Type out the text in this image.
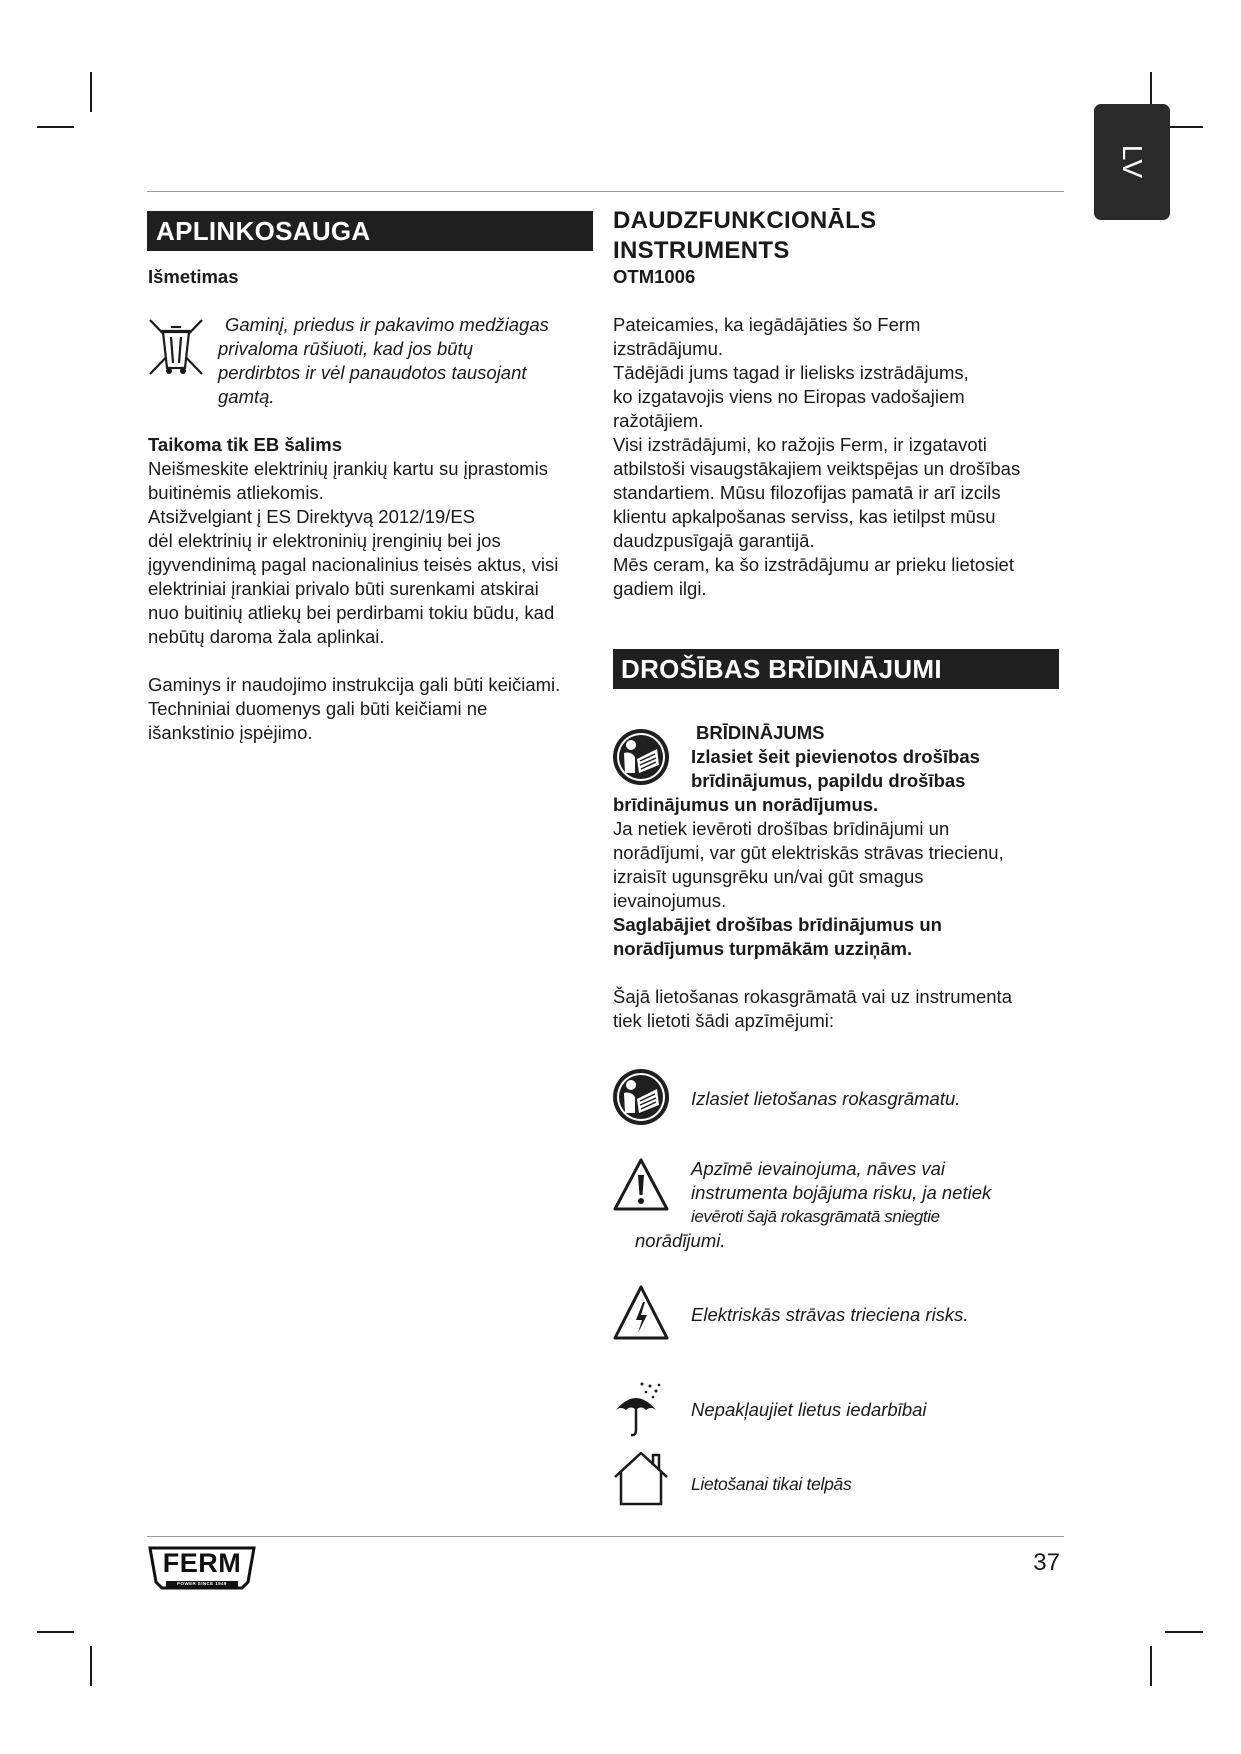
LV
APLINKOSAUGA
Išmetimas
Gaminį, priedus ir pakavimo medžiagas
privaloma rūšiuoti, kad jos būtų
perdirbtos ir vėl panaudotos tausojant
gamtą.
Taikoma tik EB šalims
Neišmeskite elektrinių įrankių kartu su įprastomis
buitinėmis atliekomis.
Atsižvelgiant į ES Direktyvą 2012/19/ES
dėl elektrinių ir elektroninių įrenginių bei jos
įgyvendinimą pagal nacionalinius teisės aktus, visi
elektriniai įrankiai privalo būti surenkami atskirai
nuo buitinių atliekų bei perdirbami tokiu būdu, kad
nebūtų daroma žala aplinkai.
Gaminys ir naudojimo instrukcija gali būti keičiami.
Techniniai duomenys gali būti keičiami ne
išankstinio įspėjimo.
DAUDZFUNKCIONĀLS
INSTRUMENTS
OTM1006
Pateicamies, ka iegādājāties šo Ferm
izstrādājumu.
Tādējādi jums tagad ir lielisks izstrādājums,
ko izgatavojis viens no Eiropas vadošajiem
ražotājiem.
Visi izstrādājumi, ko ražojis Ferm, ir izgatavoti
atbilstoši visaugstākajiem veiktspējas un drošības
standartiem. Mūsu filozofijas pamatā ir arī izcils
klientu apkalpošanas serviss, kas ietilpst mūsu
daudzpusīgajā garantijā.
Mēs ceram, ka šo izstrādājumu ar prieku lietosiet
gadiem ilgi.
DROŠĪBAS BRĪDINĀJUMI
BRĪDINĀJUMS
Izlasiet šeit pievienotos drošības
brīdinājumus, papildu drošības
brīdinājumus un norādījumus.
Ja netiek ievēroti drošības brīdinājumi un
norādījumi, var gūt elektriskās strāvas triecienu,
izraisīt ugunsgrēku un/vai gūt smagus
ievainojumus.
Saglabājiet drošības brīdinājumus un
norādījumus turpmākām uzziņām.
Šajā lietošanas rokasgrāmatā vai uz instrumenta
tiek lietoti šādi apzīmējumi:
Izlasiet lietošanas rokasgrāmatu.
Apzīmē ievainojuma, nāves vai
instrumenta bojājuma risku, ja netiek
ievēroti šajā rokasgrāmatā sniegtie
norādījumi.
Elektriskās strāvas trieciena risks.
Nepakļaujiet lietus iedarbībai
Lietošanai tikai telpās
FERM
POWER SINCE 1949
37
